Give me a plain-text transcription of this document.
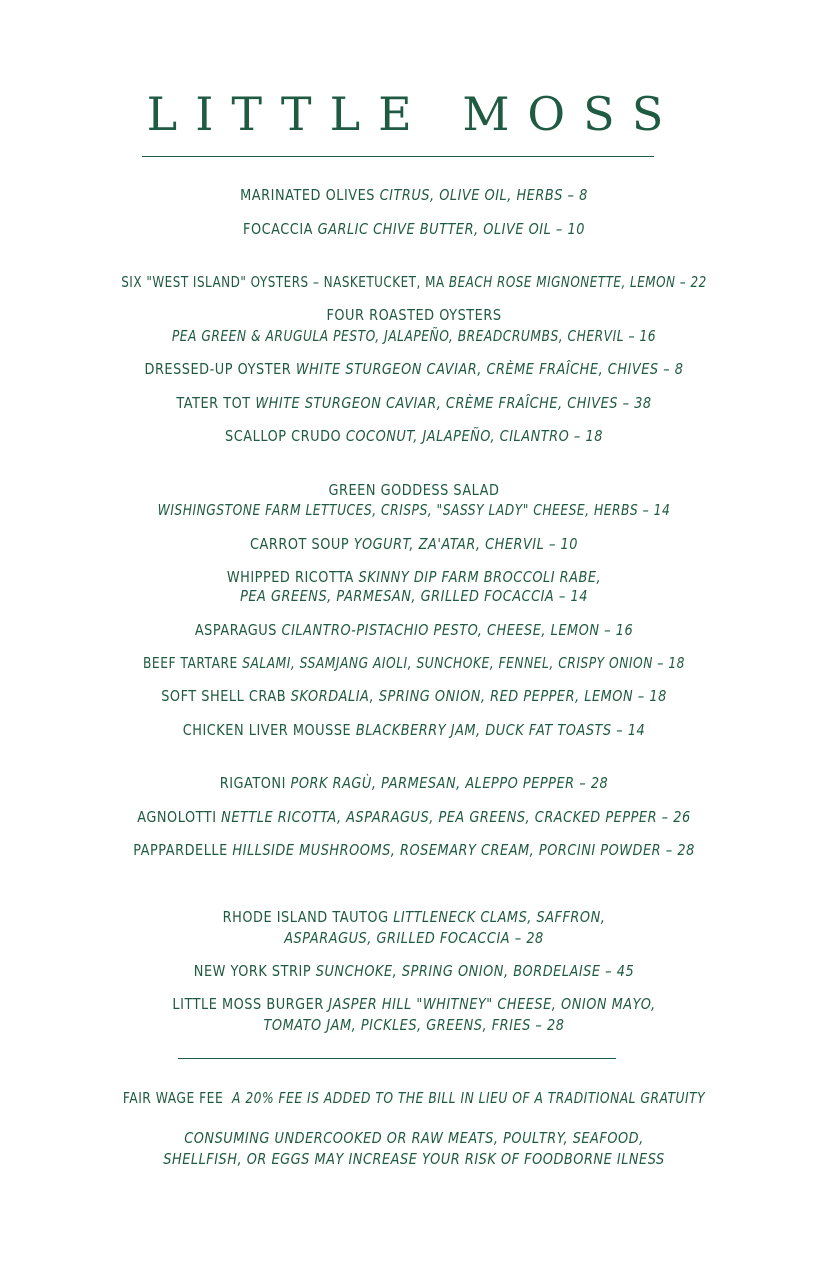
LITTLE MOSS
MARINATED OLIVES CITRUS, OLIVE OIL, HERBS – 8
FOCACCIA GARLIC CHIVE BUTTER, OLIVE OIL – 10
SIX "WEST ISLAND" OYSTERS – NASKETUCKET, MA BEACH ROSE MIGNONETTE, LEMON – 22
FOUR ROASTED OYSTERS
PEA GREEN & ARUGULA PESTO, JALAPEÑO, BREADCRUMBS, CHERVIL – 16
DRESSED-UP OYSTER WHITE STURGEON CAVIAR, CRÈME FRAÎCHE, CHIVES – 8
TATER TOT WHITE STURGEON CAVIAR, CRÈME FRAÎCHE, CHIVES – 38
SCALLOP CRUDO COCONUT, JALAPEÑO, CILANTRO – 18
GREEN GODDESS SALAD
WISHINGSTONE FARM LETTUCES, CRISPS, "SASSY LADY" CHEESE, HERBS – 14
CARROT SOUP YOGURT, ZA'ATAR, CHERVIL – 10
WHIPPED RICOTTA SKINNY DIP FARM BROCCOLI RABE,
PEA GREENS, PARMESAN, GRILLED FOCACCIA – 14
ASPARAGUS CILANTRO-PISTACHIO PESTO, CHEESE, LEMON – 16
BEEF TARTARE SALAMI, SSAMJANG AIOLI, SUNCHOKE, FENNEL, CRISPY ONION – 18
SOFT SHELL CRAB SKORDALIA, SPRING ONION, RED PEPPER, LEMON – 18
CHICKEN LIVER MOUSSE BLACKBERRY JAM, DUCK FAT TOASTS – 14
RIGATONI PORK RAGÙ, PARMESAN, ALEPPO PEPPER – 28
AGNOLOTTI NETTLE RICOTTA, ASPARAGUS, PEA GREENS, CRACKED PEPPER – 26
PAPPARDELLE HILLSIDE MUSHROOMS, ROSEMARY CREAM, PORCINI POWDER – 28
RHODE ISLAND TAUTOG LITTLENECK CLAMS, SAFFRON,
ASPARAGUS, GRILLED FOCACCIA – 28
NEW YORK STRIP SUNCHOKE, SPRING ONION, BORDELAISE – 45
LITTLE MOSS BURGER JASPER HILL "WHITNEY" CHEESE, ONION MAYO,
TOMATO JAM, PICKLES, GREENS, FRIES – 28
FAIR WAGE FEE A 20% FEE IS ADDED TO THE BILL IN LIEU OF A TRADITIONAL GRATUITY
CONSUMING UNDERCOOKED OR RAW MEATS, POULTRY, SEAFOOD,
SHELLFISH, OR EGGS MAY INCREASE YOUR RISK OF FOODBORNE ILNESS
